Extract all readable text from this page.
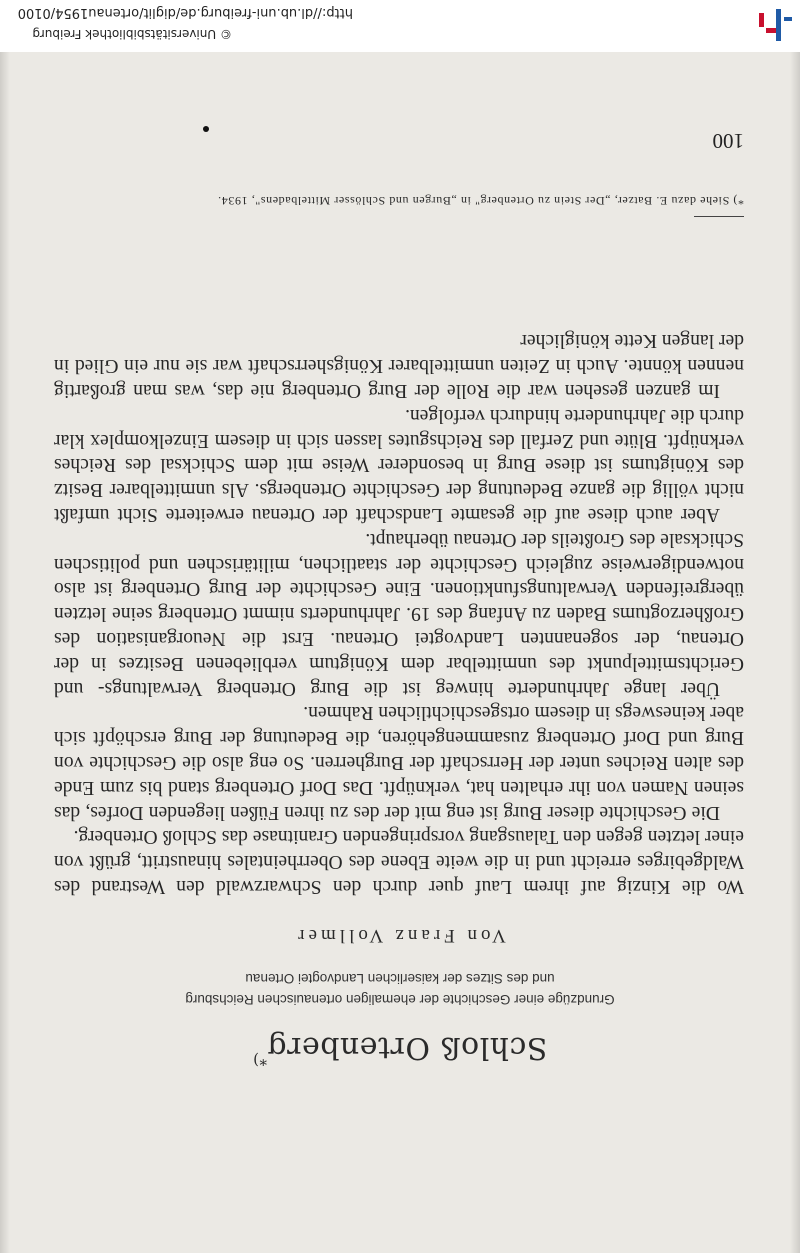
Schloß Ortenberg*)
Grundzüge einer Geschichte der ehemaligen ortenauischen Reichsburg
und des Sitzes der kaiserlichen Landvogtei Ortenau
Von Franz Vollmer

Wo die Kinzig auf ihrem Lauf quer durch den Schwarzwald den Westrand des Waldgebirges erreicht und in die weite Ebene des Oberrheintales hinaustritt, grüßt von einer letzten gegen den Talausgang vorspringenden Granitnase das Schloß Ortenberg.

Die Geschichte dieser Burg ist eng mit der des zu ihren Füßen liegenden Dorfes, das seinen Namen von ihr erhalten hat, verknüpft. Das Dorf Ortenberg stand bis zum Ende des alten Reiches unter der Herrschaft der Burgherren. So eng also die Geschichte von Burg und Dorf Ortenberg zusammengehören, die Bedeutung der Burg erschöpft sich aber keineswegs in diesem ortsgeschichtlichen Rahmen.

Über lange Jahrhunderte hinweg ist die Burg Ortenberg Verwaltungs- und Gerichtsmittelpunkt des unmittelbar dem Königtum verbliebenen Besitzes in der Ortenau, der sogenannten Landvogtei Ortenau. Erst die Neuorganisation des Großherzogtums Baden zu Anfang des 19. Jahrhunderts nimmt Ortenberg seine letzten übergreifenden Verwaltungsfunktionen. Eine Geschichte der Burg Ortenberg ist also notwendigerweise zugleich Geschichte der staatlichen, militärischen und politischen Schicksale des Großteils der Ortenau überhaupt.

Aber auch diese auf die gesamte Landschaft der Ortenau erweiterte Sicht umfaßt nicht völlig die ganze Bedeutung der Geschichte Ortenbergs. Als unmittelbarer Besitz des Königtums ist diese Burg in besonderer Weise mit dem Schicksal des Reiches verknüpft. Blüte und Zerfall des Reichsgutes lassen sich in diesem Einzelkomplex klar durch die Jahrhunderte hindurch verfolgen.

Im ganzen gesehen war die Rolle der Burg Ortenberg nie das, was man großartig nennen könnte. Auch in Zeiten unmittelbarer Königsherrschaft war sie nur ein Glied in der langen Kette königlicher

*) Siehe dazu E. Batzer, „Der Stein zu Ortenberg" in „Burgen und Schlösser Mittelbadens", 1934.
100
© Universitätsbibliothek Freiburg
http://dl.ub.uni-freiburg.de/diglit/ortenau1954/0100
